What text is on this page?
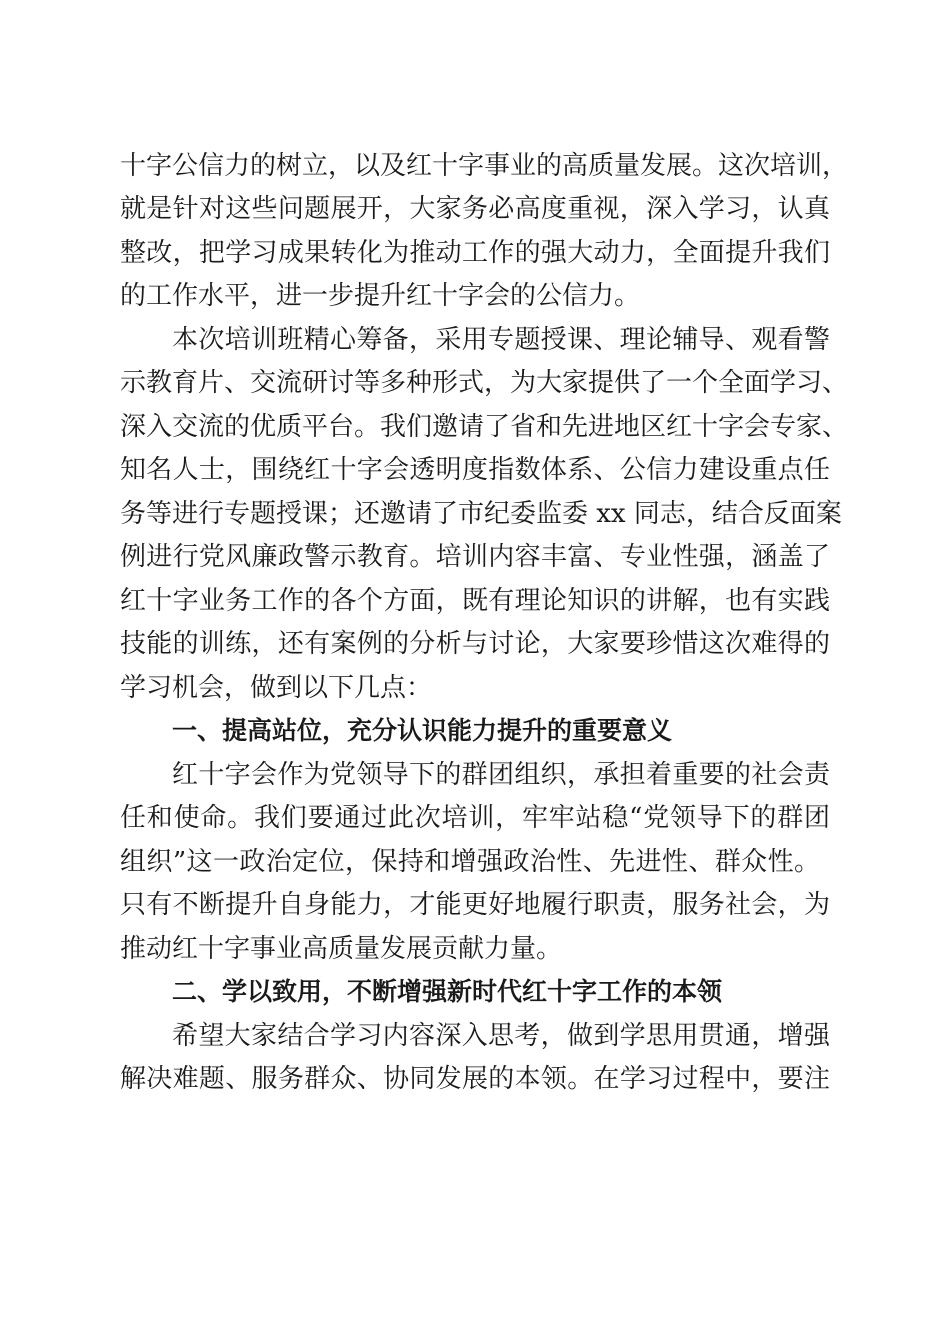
十字公信力的树立，以及红十字事业的高质量发展。这次培训，
就是针对这些问题展开，大家务必高度重视，深入学习，认真
整改，把学习成果转化为推动工作的强大动力，全面提升我们
的工作水平，进一步提升红十字会的公信力。
本次培训班精心筹备，采用专题授课、理论辅导、观看警
示教育片、交流研讨等多种形式，为大家提供了一个全面学习、
深入交流的优质平台。我们邀请了省和先进地区红十字会专家、
知名人士，围绕红十字会透明度指数体系、公信力建设重点任
务等进行专题授课；还邀请了市纪委监委 xx 同志，结合反面案
例进行党风廉政警示教育。培训内容丰富、专业性强，涵盖了
红十字业务工作的各个方面，既有理论知识的讲解，也有实践
技能的训练，还有案例的分析与讨论，大家要珍惜这次难得的
学习机会，做到以下几点：
一、提高站位，充分认识能力提升的重要意义
红十字会作为党领导下的群团组织，承担着重要的社会责
任和使命。我们要通过此次培训，牢牢站稳“党领导下的群团
组织”这一政治定位，保持和增强政治性、先进性、群众性。
只有不断提升自身能力，才能更好地履行职责，服务社会，为
推动红十字事业高质量发展贡献力量。
二、学以致用，不断增强新时代红十字工作的本领
希望大家结合学习内容深入思考，做到学思用贯通，增强
解决难题、服务群众、协同发展的本领。在学习过程中，要注
